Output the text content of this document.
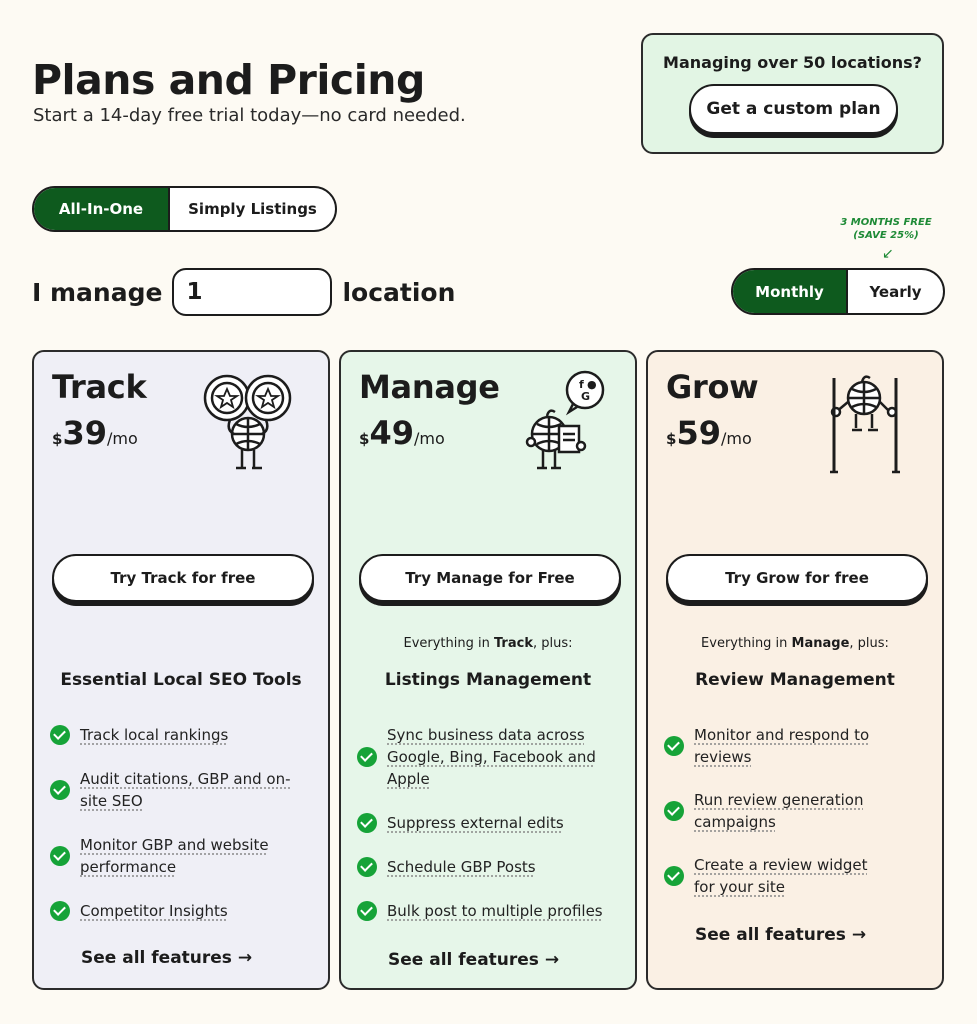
Plans and Pricing

Start a 14-day free trial today—no card needed.

Managing over 50 locations?
Get a custom plan
All-In-One	Simply Listings
I manage	1	location
3 MONTHS FREE
(SAVE 25%)
↙
Monthly	Yearly
Track
$ 39 /mo
Try Track for free
Essential Local SEO Tools
Track local rankings
Audit citations, GBP and on-site SEO
Monitor GBP and website performance
Competitor Insights
See all features →
Manage
$ 49 /mo
f ●
G
Try Manage for Free
Everything in Track, plus:
Listings Management
Sync business data across Google, Bing, Facebook and Apple
Suppress external edits
Schedule GBP Posts
Bulk post to multiple profiles
See all features →
Grow
$ 59 /mo
Try Grow for free
Everything in Manage, plus:
Review Management
Monitor and respond to reviews
Run review generation campaigns
Create a review widget for your site
See all features →
